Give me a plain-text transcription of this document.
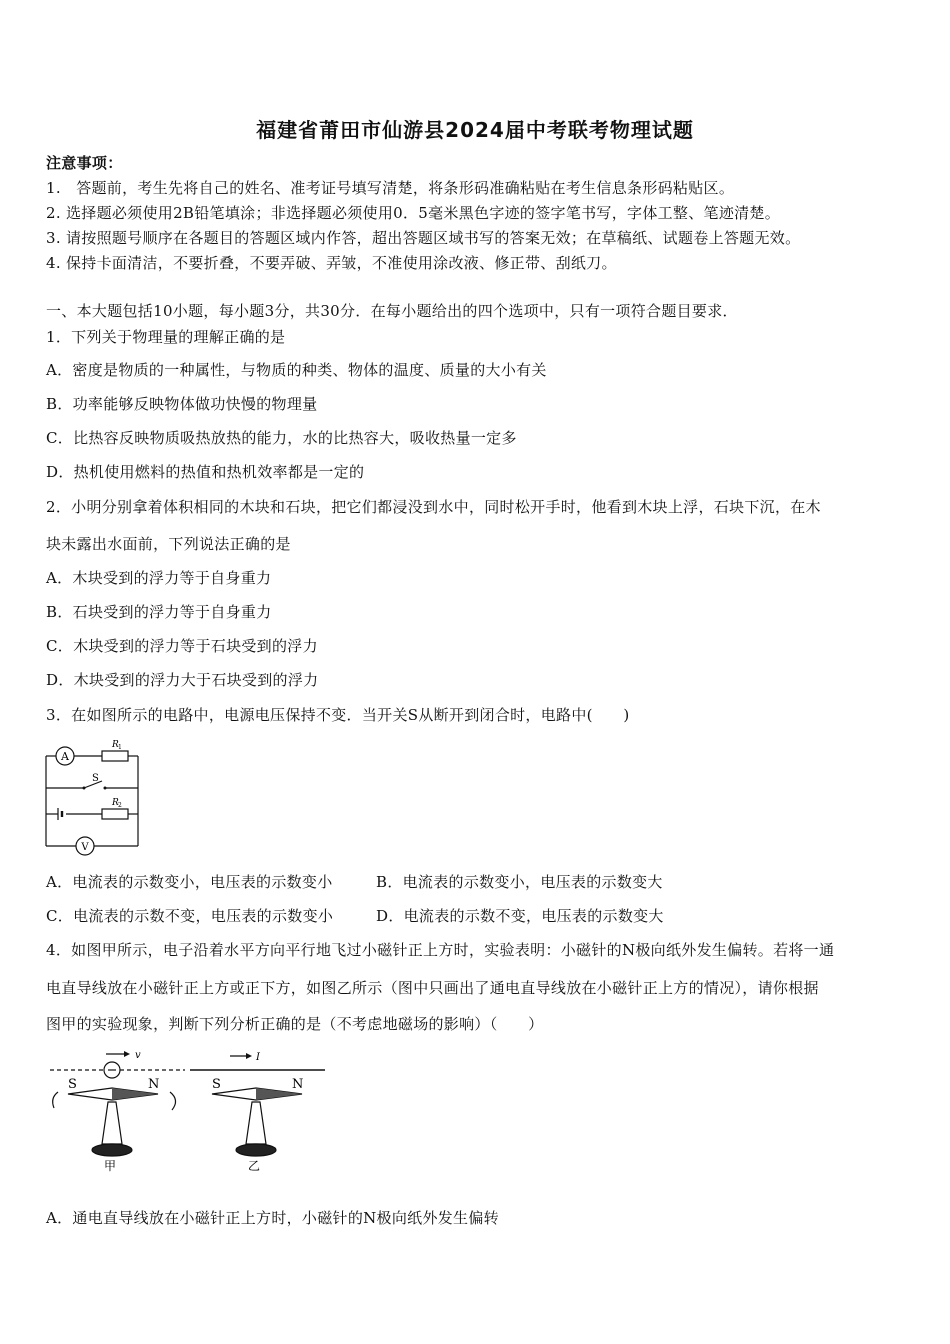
福建省莆田市仙游县2024届中考联考物理试题
注意事项：
1.　答题前，考生先将自己的姓名、准考证号填写清楚，将条形码准确粘贴在考生信息条形码粘贴区。
2. 选择题必须使用2B铅笔填涂；非选择题必须使用0．5毫米黑色字迹的签字笔书写，字体工整、笔迹清楚。
3. 请按照题号顺序在各题目的答题区域内作答，超出答题区域书写的答案无效；在草稿纸、试题卷上答题无效。
4. 保持卡面清洁，不要折叠，不要弄破、弄皱，不准使用涂改液、修正带、刮纸刀。
一、本大题包括10小题，每小题3分，共30分．在每小题给出的四个选项中，只有一项符合题目要求．
1．下列关于物理量的理解正确的是
A．密度是物质的一种属性，与物质的种类、物体的温度、质量的大小有关
B．功率能够反映物体做功快慢的物理量
C．比热容反映物质吸热放热的能力，水的比热容大，吸收热量一定多
D．热机使用燃料的热值和热机效率都是一定的
2．小明分别拿着体积相同的木块和石块，把它们都浸没到水中，同时松开手时，他看到木块上浮，石块下沉，在木
块未露出水面前，下列说法正确的是
A．木块受到的浮力等于自身重力
B．石块受到的浮力等于自身重力
C．木块受到的浮力等于石块受到的浮力
D．木块受到的浮力大于石块受到的浮力
3．在如图所示的电路中，电源电压保持不变．当开关S从断开到闭合时，电路中(　　)
A
R 1
S
R 2
V
A．电流表的示数变小，电压表的示数变小	B．电流表的示数变小，电压表的示数变大
C．电流表的示数不变，电压表的示数变小	D．电流表的示数不变，电压表的示数变大
4．如图甲所示，电子沿着水平方向平行地飞过小磁针正上方时，实验表明：小磁针的N极向纸外发生偏转。若将一通
电直导线放在小磁针正上方或正下方，如图乙所示（图中只画出了通电直导线放在小磁针正上方的情况），请你根据
图甲的实验现象，判断下列分析正确的是（不考虑地磁场的影响）（　　）
v
S	N
甲
I
S	N
乙
A．通电直导线放在小磁针正上方时，小磁针的N极向纸外发生偏转
